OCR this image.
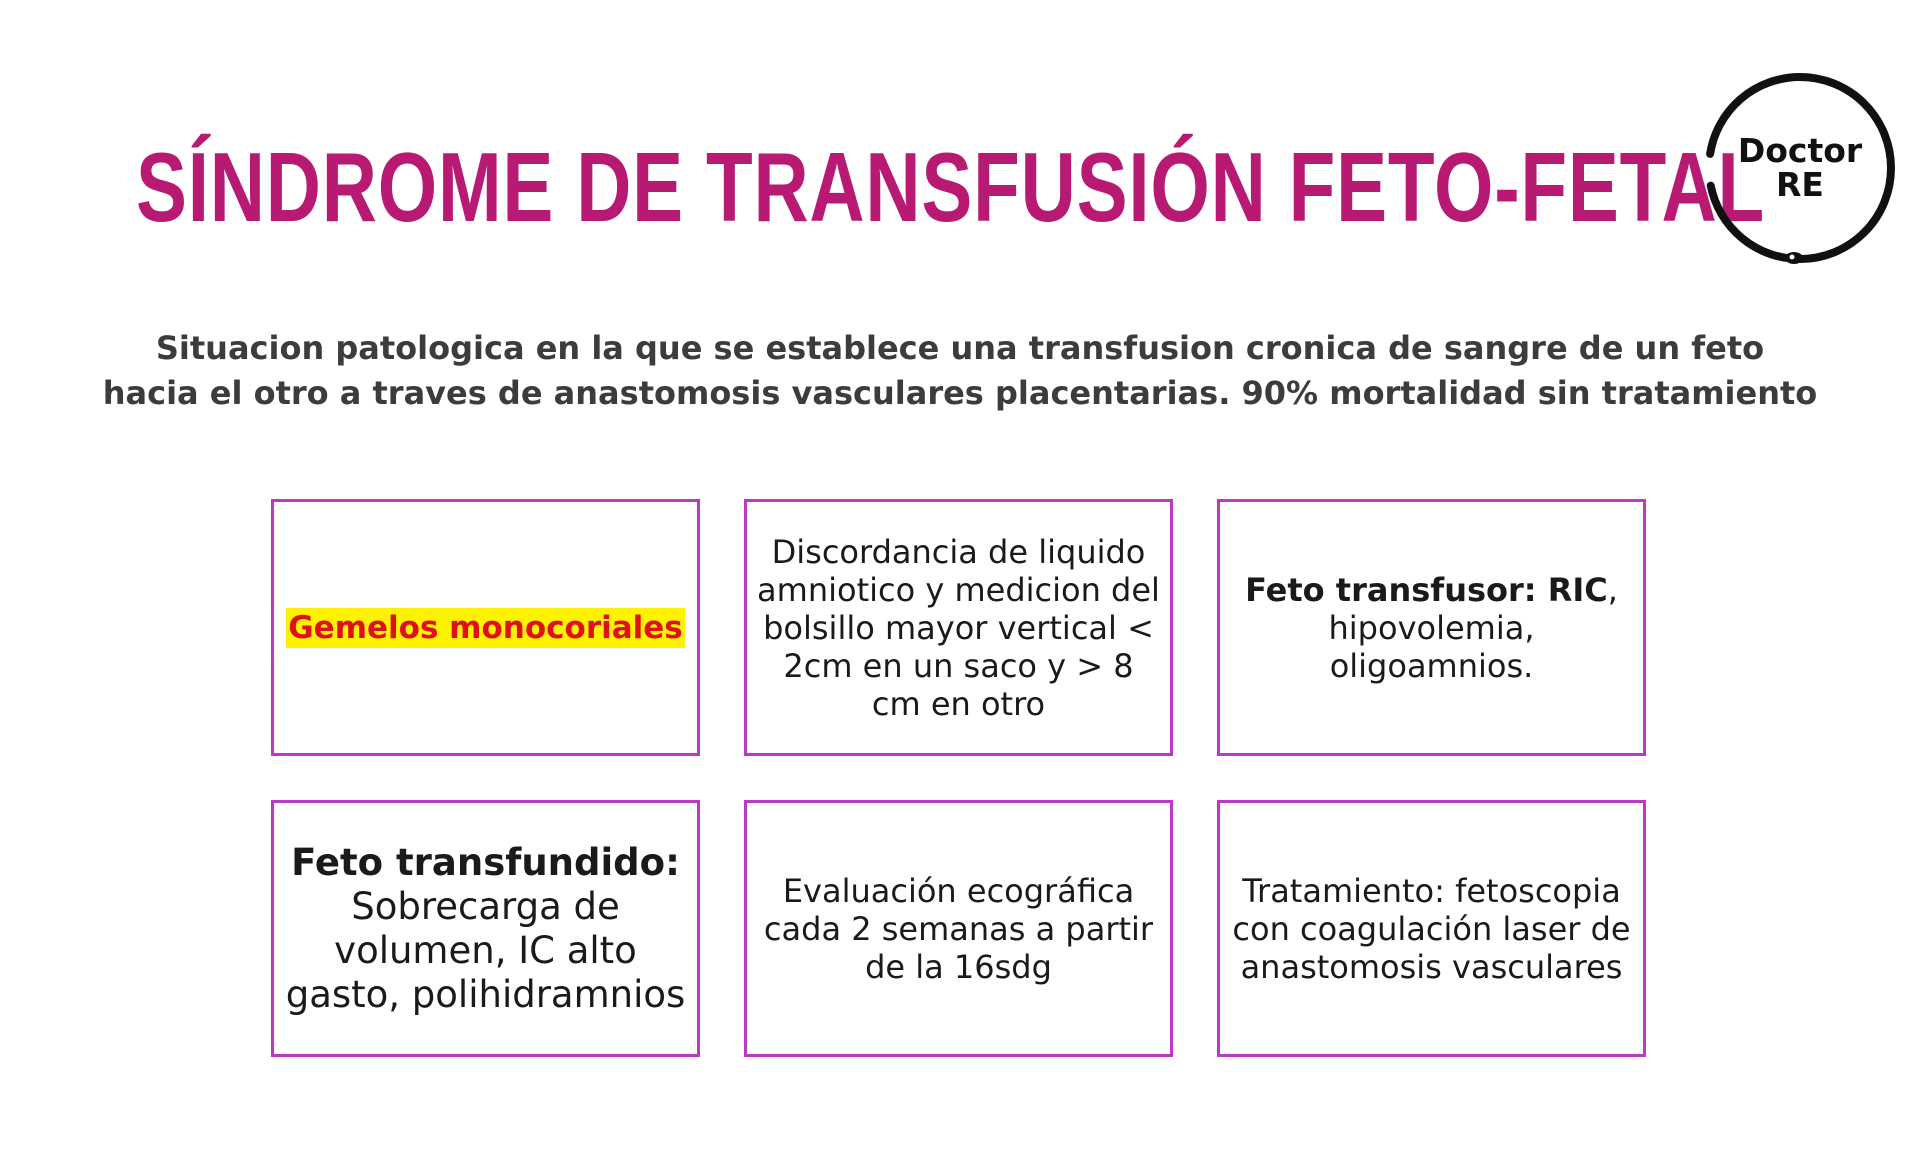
SÍNDROME DE TRANSFUSIÓN FETO-FETAL
Doctor
RE

Situacion patologica en la que se establece una transfusion cronica de sangre de un feto
hacia el otro a traves de anastomosis vasculares placentarias. 90% mortalidad sin tratamiento

Gemelos monocoriales
Discordancia de liquido amniotico y medicion del bolsillo mayor vertical < 2cm en un saco y > 8 cm en otro
Feto transfusor: RIC, hipovolemia, oligoamnios.
Feto transfundido:
Sobrecarga de volumen, IC alto gasto, polihidramnios
Evaluación ecográfica cada 2 semanas a partir de la 16sdg
Tratamiento: fetoscopia con coagulación laser de anastomosis vasculares
